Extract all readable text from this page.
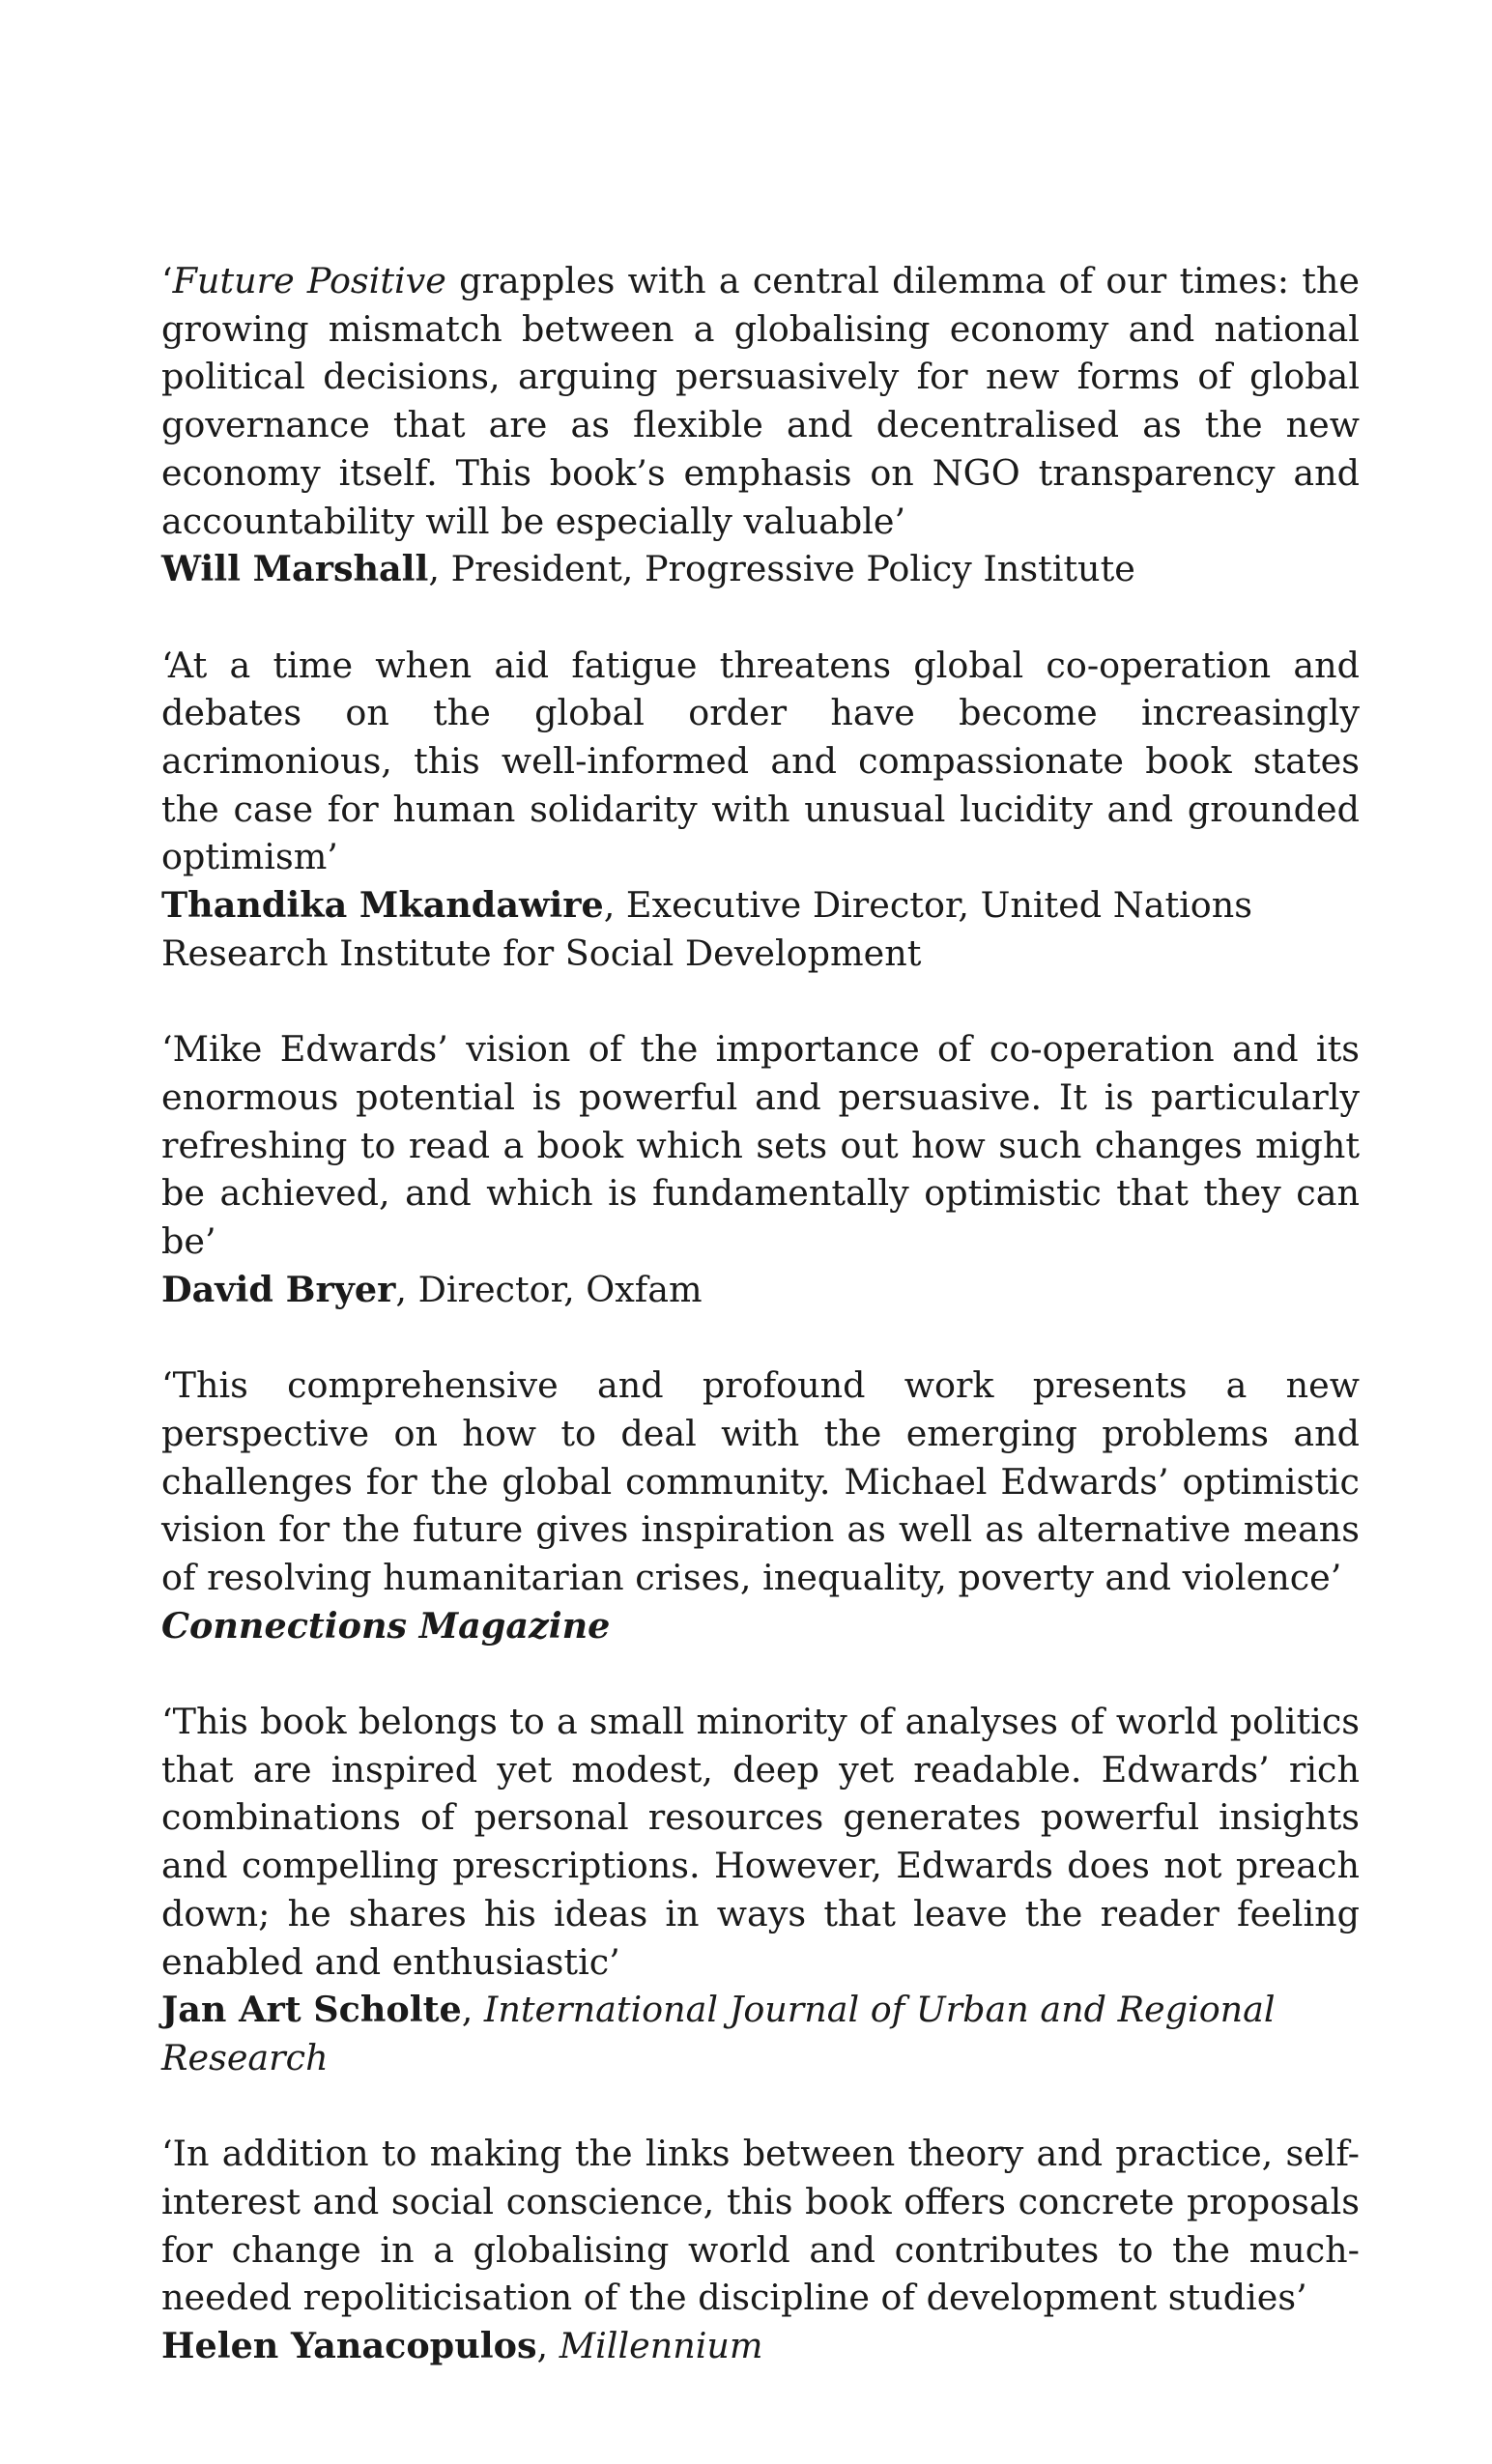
‘Future Positive grapples with a central dilemma of our times: the growing mismatch between a globalising economy and national political decisions, arguing persuasively for new forms of global governance that are as flexible and decentralised as the new economy itself. This book’s emphasis on NGO transparency and accountability will be especially valuable’

Will Marshall, President, Progressive Policy Institute

‘At a time when aid fatigue threatens global co-operation and debates on the global order have become increasingly acrimonious, this well-informed and compassionate book states the case for human solidarity with unusual lucidity and grounded optimism’

Thandika Mkandawire, Executive Director, United Nations Research Institute for Social Development

‘Mike Edwards’ vision of the importance of co-operation and its enormous potential is powerful and persuasive. It is particularly refreshing to read a book which sets out how such changes might be achieved, and which is fundamentally optimistic that they can be’

David Bryer, Director, Oxfam

‘This comprehensive and profound work presents a new perspective on how to deal with the emerging problems and challenges for the global community. Michael Edwards’ optimistic vision for the future gives inspiration as well as alternative means of resolving humanitarian crises, inequality, poverty and violence’

Connections Magazine

‘This book belongs to a small minority of analyses of world politics that are inspired yet modest, deep yet readable. Edwards’ rich combinations of personal resources generates powerful insights and compelling prescriptions. However, Edwards does not preach down; he shares his ideas in ways that leave the reader feeling enabled and enthusiastic’

Jan Art Scholte, International Journal of Urban and Regional Research

‘In addition to making the links between theory and practice, self-interest and social conscience, this book offers concrete proposals for change in a globalising world and contributes to the much-needed repoliticisation of the discipline of development studies’

Helen Yanacopulos, Millennium
